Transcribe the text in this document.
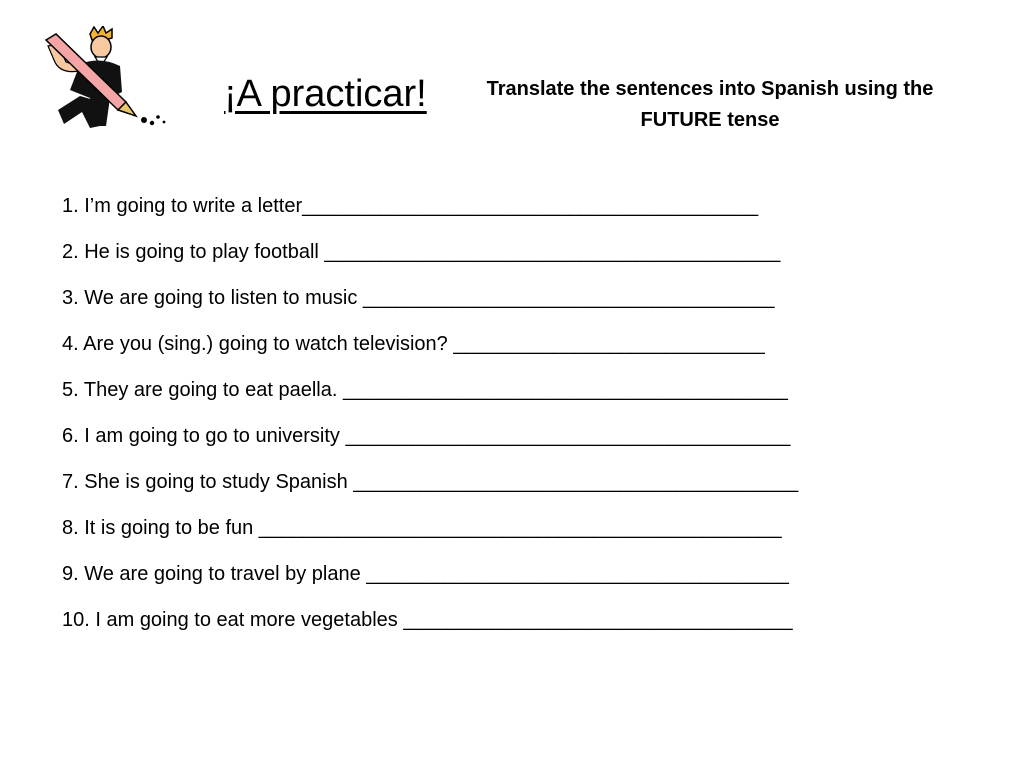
¡A practicar!	Translate the sentences into Spanish using the FUTURE tense
1. I’m going to write a letter_________________________________________
2. He is going to play football _________________________________________
3. We are going to listen to music _____________________________________
4. Are you (sing.) going to watch television? ____________________________
5. They are going to eat paella. ________________________________________
6. I am going to go to university ________________________________________
7. She is going to study Spanish ________________________________________
8. It is going to be fun _______________________________________________
9. We are going to travel by plane ______________________________________
10. I am going to eat more vegetables ___________________________________
